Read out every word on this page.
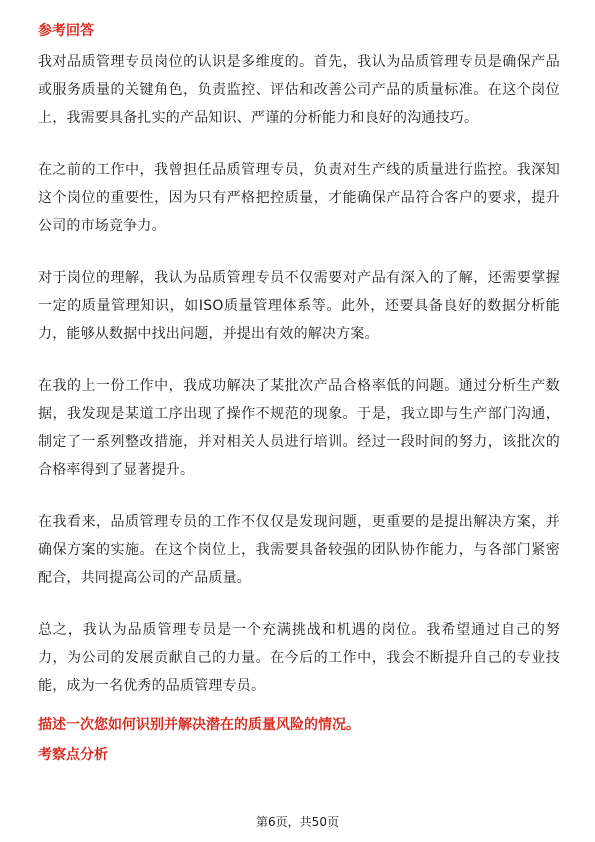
参考回答

我对品质管理专员岗位的认识是多维度的。首先，我认为品质管理专员是确保产品或服务质量的关键角色，负责监控、评估和改善公司产品的质量标准。在这个岗位上，我需要具备扎实的产品知识、严谨的分析能力和良好的沟通技巧。

在之前的工作中，我曾担任品质管理专员，负责对生产线的质量进行监控。我深知这个岗位的重要性，因为只有严格把控质量，才能确保产品符合客户的要求，提升公司的市场竞争力。

对于岗位的理解，我认为品质管理专员不仅需要对产品有深入的了解，还需要掌握一定的质量管理知识，如ISO质量管理体系等。此外，还要具备良好的数据分析能力，能够从数据中找出问题，并提出有效的解决方案。

在我的上一份工作中，我成功解决了某批次产品合格率低的问题。通过分析生产数据，我发现是某道工序出现了操作不规范的现象。于是，我立即与生产部门沟通，制定了一系列整改措施，并对相关人员进行培训。经过一段时间的努力，该批次的合格率得到了显著提升。

在我看来，品质管理专员的工作不仅仅是发现问题，更重要的是提出解决方案，并确保方案的实施。在这个岗位上，我需要具备较强的团队协作能力，与各部门紧密配合，共同提高公司的产品质量。

总之，我认为品质管理专员是一个充满挑战和机遇的岗位。我希望通过自己的努力，为公司的发展贡献自己的力量。在今后的工作中，我会不断提升自己的专业技能，成为一名优秀的品质管理专员。

描述一次您如何识别并解决潜在的质量风险的情况。
考察点分析
第6页，共50页
